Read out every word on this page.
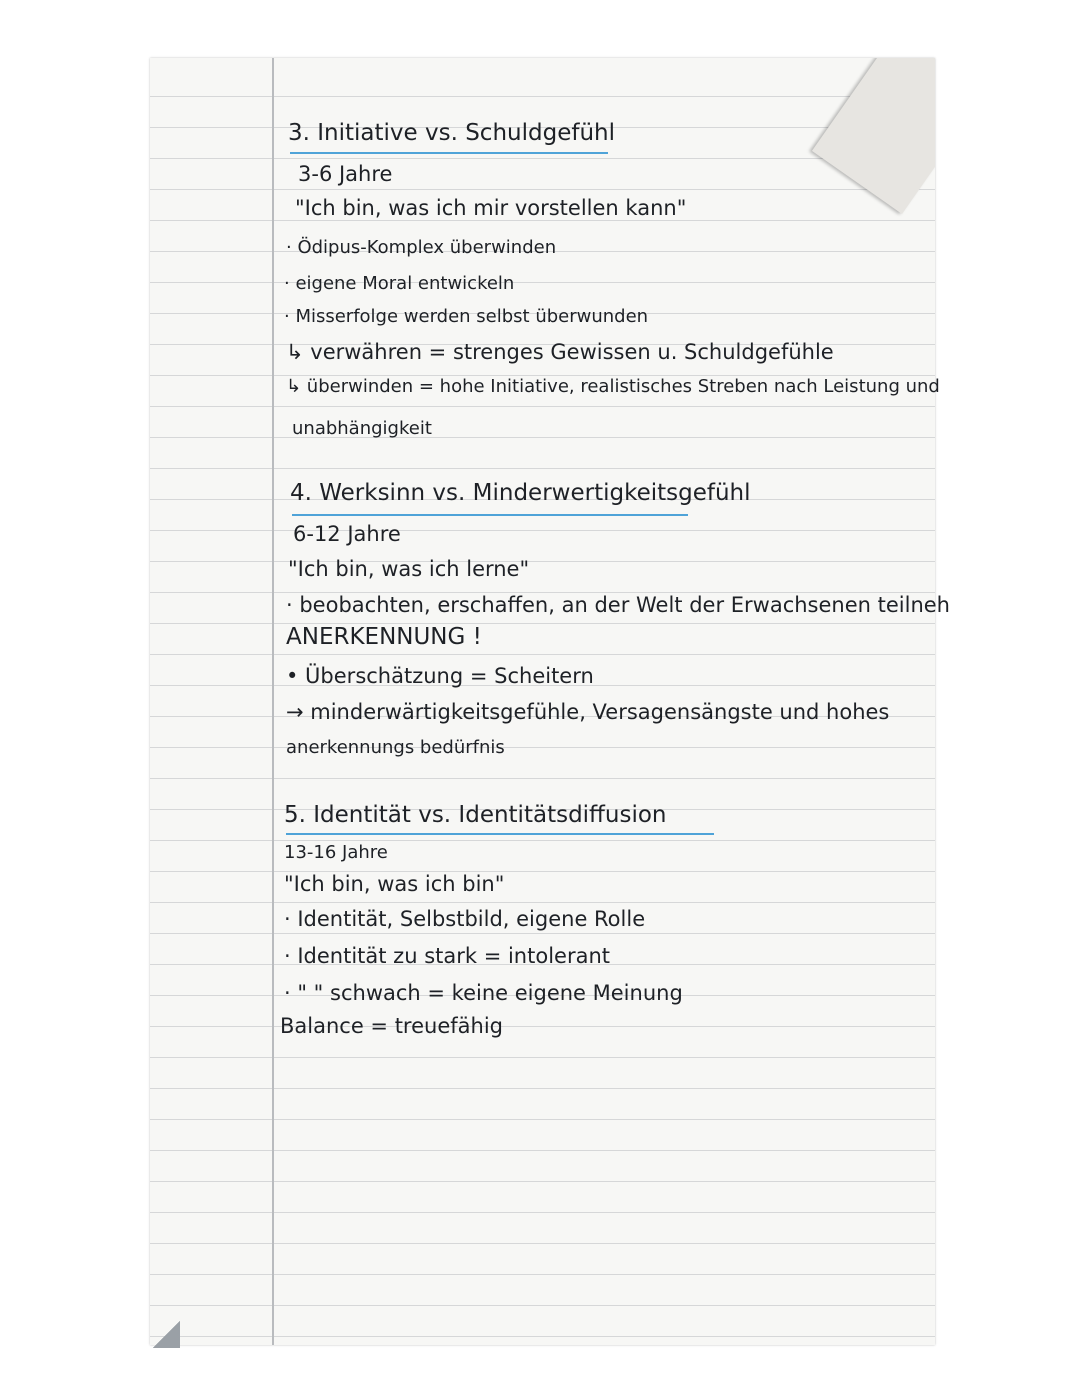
3. Initiative vs. Schuldgefühl
3-6 Jahre
"Ich bin, was ich mir vorstellen kann"
· Ödipus-Komplex überwinden
· eigene Moral entwickeln
· Misserfolge werden selbst überwunden
↳ verwähren = strenges Gewissen u. Schuldgefühle
↳ überwinden = hohe Initiative, realistisches Streben nach Leistung und
unabhängigkeit
4. Werksinn vs. Minderwertigkeitsgefühl
6-12 Jahre
"Ich bin, was ich lerne"
· beobachten, erschaffen, an der Welt der Erwachsenen teilneh
ANERKENNUNG !
• Überschätzung = Scheitern
→ minderwärtigkeitsgefühle, Versagensängste und hohes
anerkennungs bedürfnis
5. Identität vs. Identitätsdiffusion
13-16 Jahre
"Ich bin, was ich bin"
· Identität, Selbstbild, eigene Rolle
· Identität zu stark = intolerant
· " " schwach = keine eigene Meinung
Balance = treuefähig
